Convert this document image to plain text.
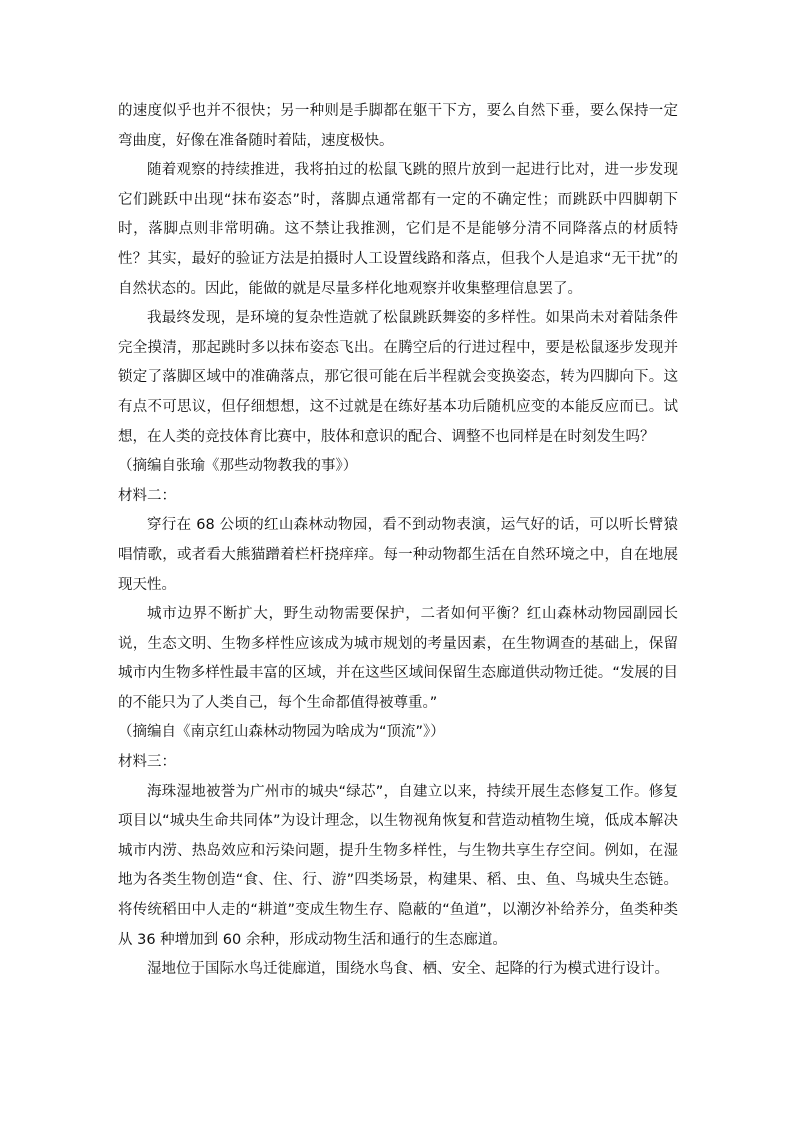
的速度似乎也并不很快；另一种则是手脚都在躯干下方，要么自然下垂，要么保持一定弯曲度，好像在准备随时着陆，速度极快。

随着观察的持续推进，我将拍过的松鼠飞跳的照片放到一起进行比对，进一步发现它们跳跃中出现“抹布姿态”时，落脚点通常都有一定的不确定性；而跳跃中四脚朝下时，落脚点则非常明确。这不禁让我推测，它们是不是能够分清不同降落点的材质特性？其实，最好的验证方法是拍摄时人工设置线路和落点，但我个人是追求“无干扰”的自然状态的。因此，能做的就是尽量多样化地观察并收集整理信息罢了。

我最终发现，是环境的复杂性造就了松鼠跳跃舞姿的多样性。如果尚未对着陆条件完全摸清，那起跳时多以抹布姿态飞出。在腾空后的行进过程中，要是松鼠逐步发现并锁定了落脚区域中的准确落点，那它很可能在后半程就会变换姿态，转为四脚向下。这有点不可思议，但仔细想想，这不过就是在练好基本功后随机应变的本能反应而已。试想，在人类的竞技体育比赛中，肢体和意识的配合、调整不也同样是在时刻发生吗？

（摘编自张瑜《那些动物教我的事》）

材料二：

穿行在 68 公顷的红山森林动物园，看不到动物表演，运气好的话，可以听长臂猿唱情歌，或者看大熊猫蹭着栏杆挠痒痒。每一种动物都生活在自然环境之中，自在地展现天性。

城市边界不断扩大，野生动物需要保护，二者如何平衡？红山森林动物园副园长说，生态文明、生物多样性应该成为城市规划的考量因素，在生物调查的基础上，保留城市内生物多样性最丰富的区域，并在这些区域间保留生态廊道供动物迁徙。“发展的目的不能只为了人类自己，每个生命都值得被尊重。”

（摘编自《南京红山森林动物园为啥成为“顶流”》）

材料三：

海珠湿地被誉为广州市的城央“绿芯”，自建立以来，持续开展生态修复工作。修复项目以“城央生命共同体”为设计理念，以生物视角恢复和营造动植物生境，低成本解决城市内涝、热岛效应和污染问题，提升生物多样性，与生物共享生存空间。例如，在湿地为各类生物创造“食、住、行、游”四类场景，构建果、稻、虫、鱼、鸟城央生态链。将传统稻田中人走的“耕道”变成生物生存、隐蔽的“鱼道”，以潮汐补给养分，鱼类种类从 36 种增加到 60 余种，形成动物生活和通行的生态廊道。

湿地位于国际水鸟迁徙廊道，围绕水鸟食、栖、安全、起降的行为模式进行设计。
